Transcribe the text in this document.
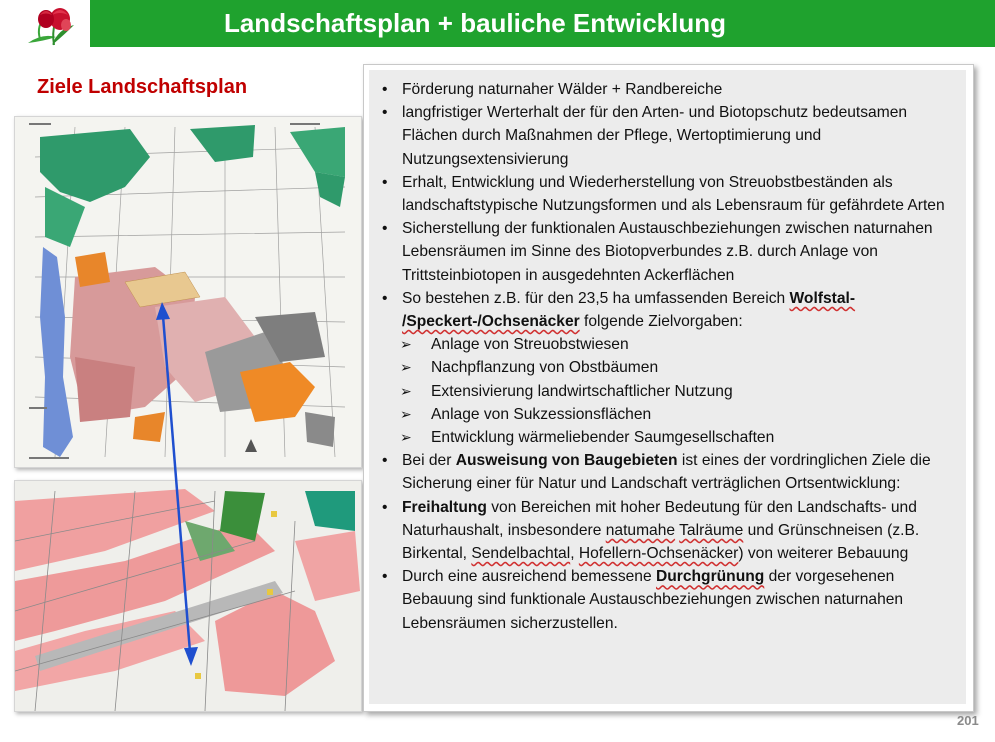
Landschaftsplan + bauliche Entwicklung
Ziele Landschaftsplan	• Förderung naturnaher Wälder + Randbereiche
• langfristiger Werterhalt der für den Arten- und Biotopschutz bedeutsamen Flächen durch Maßnahmen der Pflege, Wertoptimierung und Nutzungsextensivierung
• Erhalt, Entwicklung und Wiederherstellung von Streuobstbeständen als landschaftstypische Nutzungsformen und als Lebensraum für gefährdete Arten
• Sicherstellung der funktionalen Austauschbeziehungen zwischen naturnahen Lebensräumen im Sinne des Biotopverbundes z.B. durch Anlage von Trittsteinbiotopen in ausgedehnten Ackerflächen
• So bestehen z.B. für den 23,5 ha umfassenden Bereich Wolfstal-
/Speckert-/Ochsenäcker folgende Zielvorgaben:
➢ Anlage von Streuobstwiesen
➢ Nachpflanzung von Obstbäumen
➢ Extensivierung landwirtschaftlicher Nutzung
➢ Anlage von Sukzessionsflächen
➢ Entwicklung wärmeliebender Saumgesellschaften
• Bei der Ausweisung von Baugebieten ist eines der vordringlichen Ziele die Sicherung einer für Natur und Landschaft verträglichen Ortsentwicklung:
• Freihaltung von Bereichen mit hoher Bedeutung für den Landschafts- und Naturhaushalt, insbesondere natumahe Talräume und Grünschneisen (z.B. Birkental, Sendelbachtal, Hofellern-Ochsenäcker) von weiterer Bebauung
• Durch eine ausreichend bemessene Durchgrünung der vorgesehenen Bebauung sind funktionale Austauschbeziehungen zwischen naturnahen Lebensräumen sicherzustellen.
201
